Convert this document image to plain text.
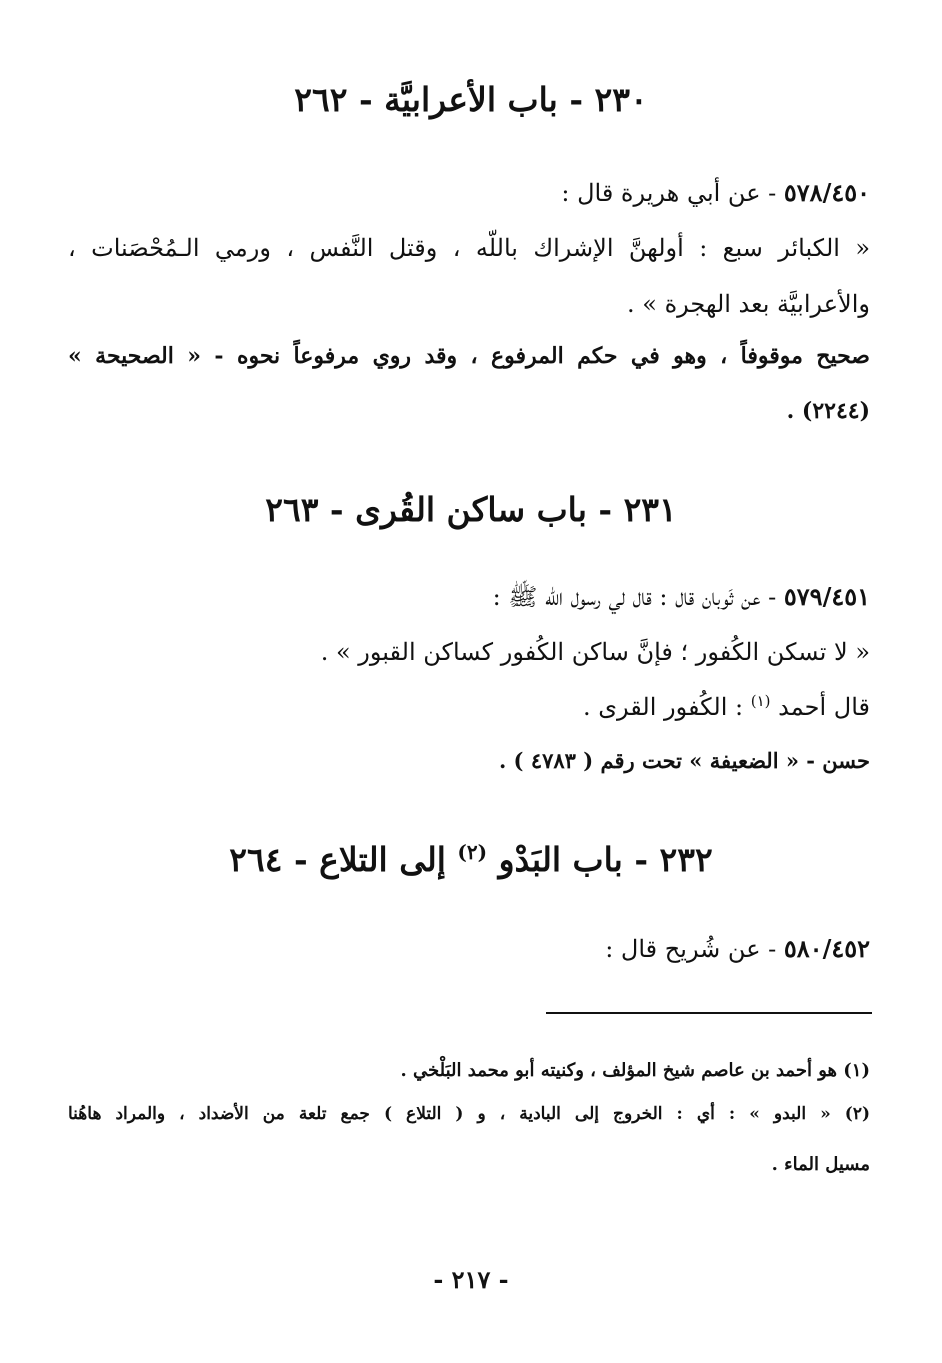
٢٣٠ - باب الأعرابيَّة - ٢٦٢
٥٧٨/٤٥٠ - عن أبي هريرة قال :
« الكبائر سبع : أولهنَّ الإشراك باللّه ، وقتل النَّفس ، ورمي الـمُحْصَنات ،
والأعرابيَّة بعد الهجرة » .
صحيح موقوفاً ، وهو في حكم المرفوع ، وقد روي مرفوعاً نحوه - « الصحيحة »
(٢٢٤٤) .
٢٣١ - باب ساكن القُرى - ٢٦٣
٥٧٩/٤٥١ - عن ثَوبان قال : قال لي رسول اللّه ﷺ :
« لا تسكن الكُفور ؛ فإنَّ ساكن الكُفور كساكن القبور » .
قال أحمد $^{(١)}$ : الكُفور القرى .
حسن - « الضعيفة » تحت رقم ( ٤٧٨٣ ) .
٢٣٢ - باب البَدْو $^{(٢)}$ إلى التلاع - ٢٦٤
٥٨٠/٤٥٢ - عن شُريح قال :
(١) هو أحمد بن عاصم شيخ المؤلف ، وكنيته أبو محمد البَلْخي .
(٢) « البدو » : أي : الخروج إلى البادية ، و ( التلاع ) جمع تلعة من الأضداد ، والمراد هاهُنا
مسيل الماء .
- ٢١٧ -
